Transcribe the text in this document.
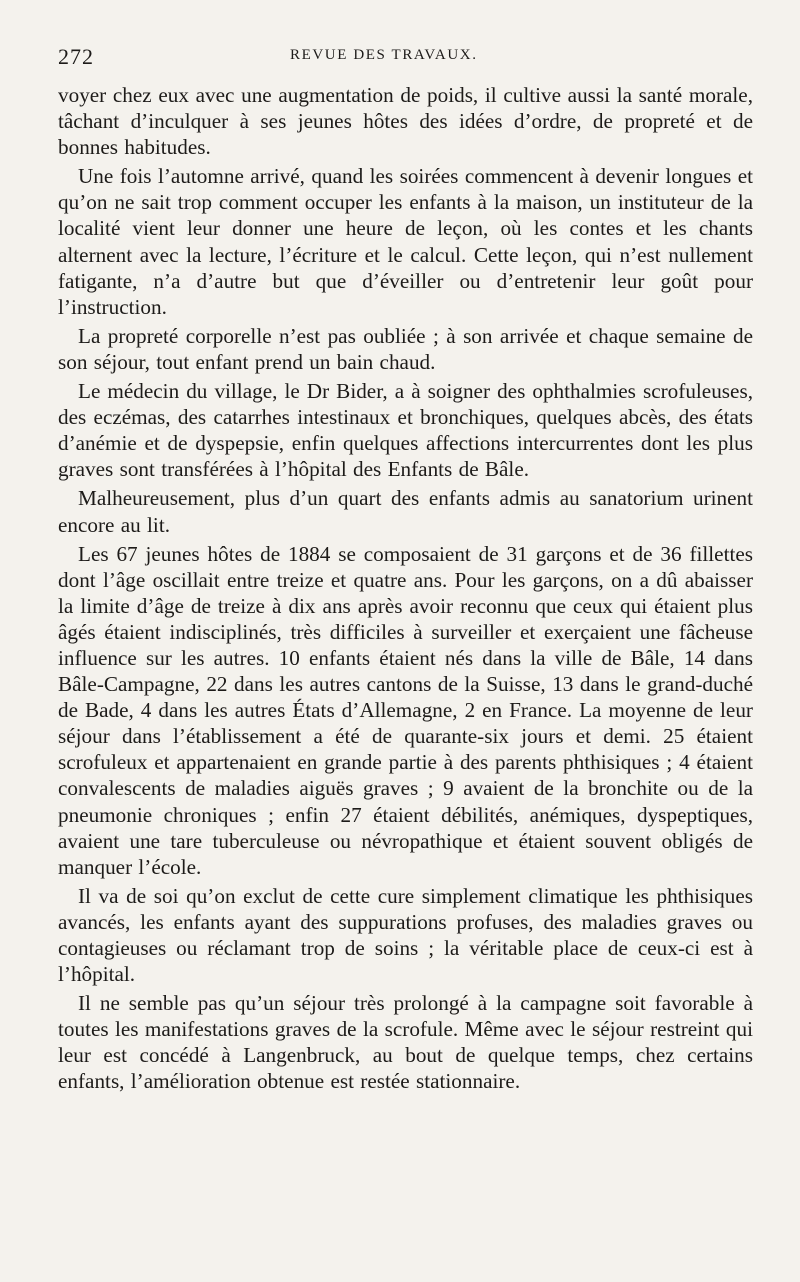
272	REVUE DES TRAVAUX.

voyer chez eux avec une augmentation de poids, il cultive aussi la santé morale, tâchant d’inculquer à ses jeunes hôtes des idées d’ordre, de propreté et de bonnes habitudes.

Une fois l’automne arrivé, quand les soirées commencent à devenir longues et qu’on ne sait trop comment occuper les enfants à la maison, un instituteur de la localité vient leur donner une heure de leçon, où les contes et les chants alternent avec la lecture, l’écriture et le calcul. Cette leçon, qui n’est nullement fatigante, n’a d’autre but que d’éveiller ou d’entretenir leur goût pour l’instruction.

La propreté corporelle n’est pas oubliée ; à son arrivée et chaque semaine de son séjour, tout enfant prend un bain chaud.

Le médecin du village, le Dr Bider, a à soigner des ophthalmies scrofuleuses, des eczémas, des catarrhes intestinaux et bronchiques, quelques abcès, des états d’anémie et de dyspepsie, enfin quelques affections intercurrentes dont les plus graves sont transférées à l’hôpital des Enfants de Bâle.

Malheureusement, plus d’un quart des enfants admis au sanatorium urinent encore au lit.

Les 67 jeunes hôtes de 1884 se composaient de 31 garçons et de 36 fillettes dont l’âge oscillait entre treize et quatre ans. Pour les garçons, on a dû abaisser la limite d’âge de treize à dix ans après avoir reconnu que ceux qui étaient plus âgés étaient indisciplinés, très difficiles à surveiller et exerçaient une fâcheuse influence sur les autres. 10 enfants étaient nés dans la ville de Bâle, 14 dans Bâle-Campagne, 22 dans les autres cantons de la Suisse, 13 dans le grand-duché de Bade, 4 dans les autres États d’Allemagne, 2 en France. La moyenne de leur séjour dans l’établissement a été de quarante-six jours et demi. 25 étaient scrofuleux et appartenaient en grande partie à des parents phthisiques ; 4 étaient convalescents de maladies aiguës graves ; 9 avaient de la bronchite ou de la pneumonie chroniques ; enfin 27 étaient débilités, anémiques, dyspeptiques, avaient une tare tuberculeuse ou névropathique et étaient souvent obligés de manquer l’école.

Il va de soi qu’on exclut de cette cure simplement climatique les phthisiques avancés, les enfants ayant des suppurations profuses, des maladies graves ou contagieuses ou réclamant trop de soins ; la véritable place de ceux-ci est à l’hôpital.

Il ne semble pas qu’un séjour très prolongé à la campagne soit favorable à toutes les manifestations graves de la scrofule. Même avec le séjour restreint qui leur est concédé à Langenbruck, au bout de quelque temps, chez certains enfants, l’amélioration obtenue est restée stationnaire.
